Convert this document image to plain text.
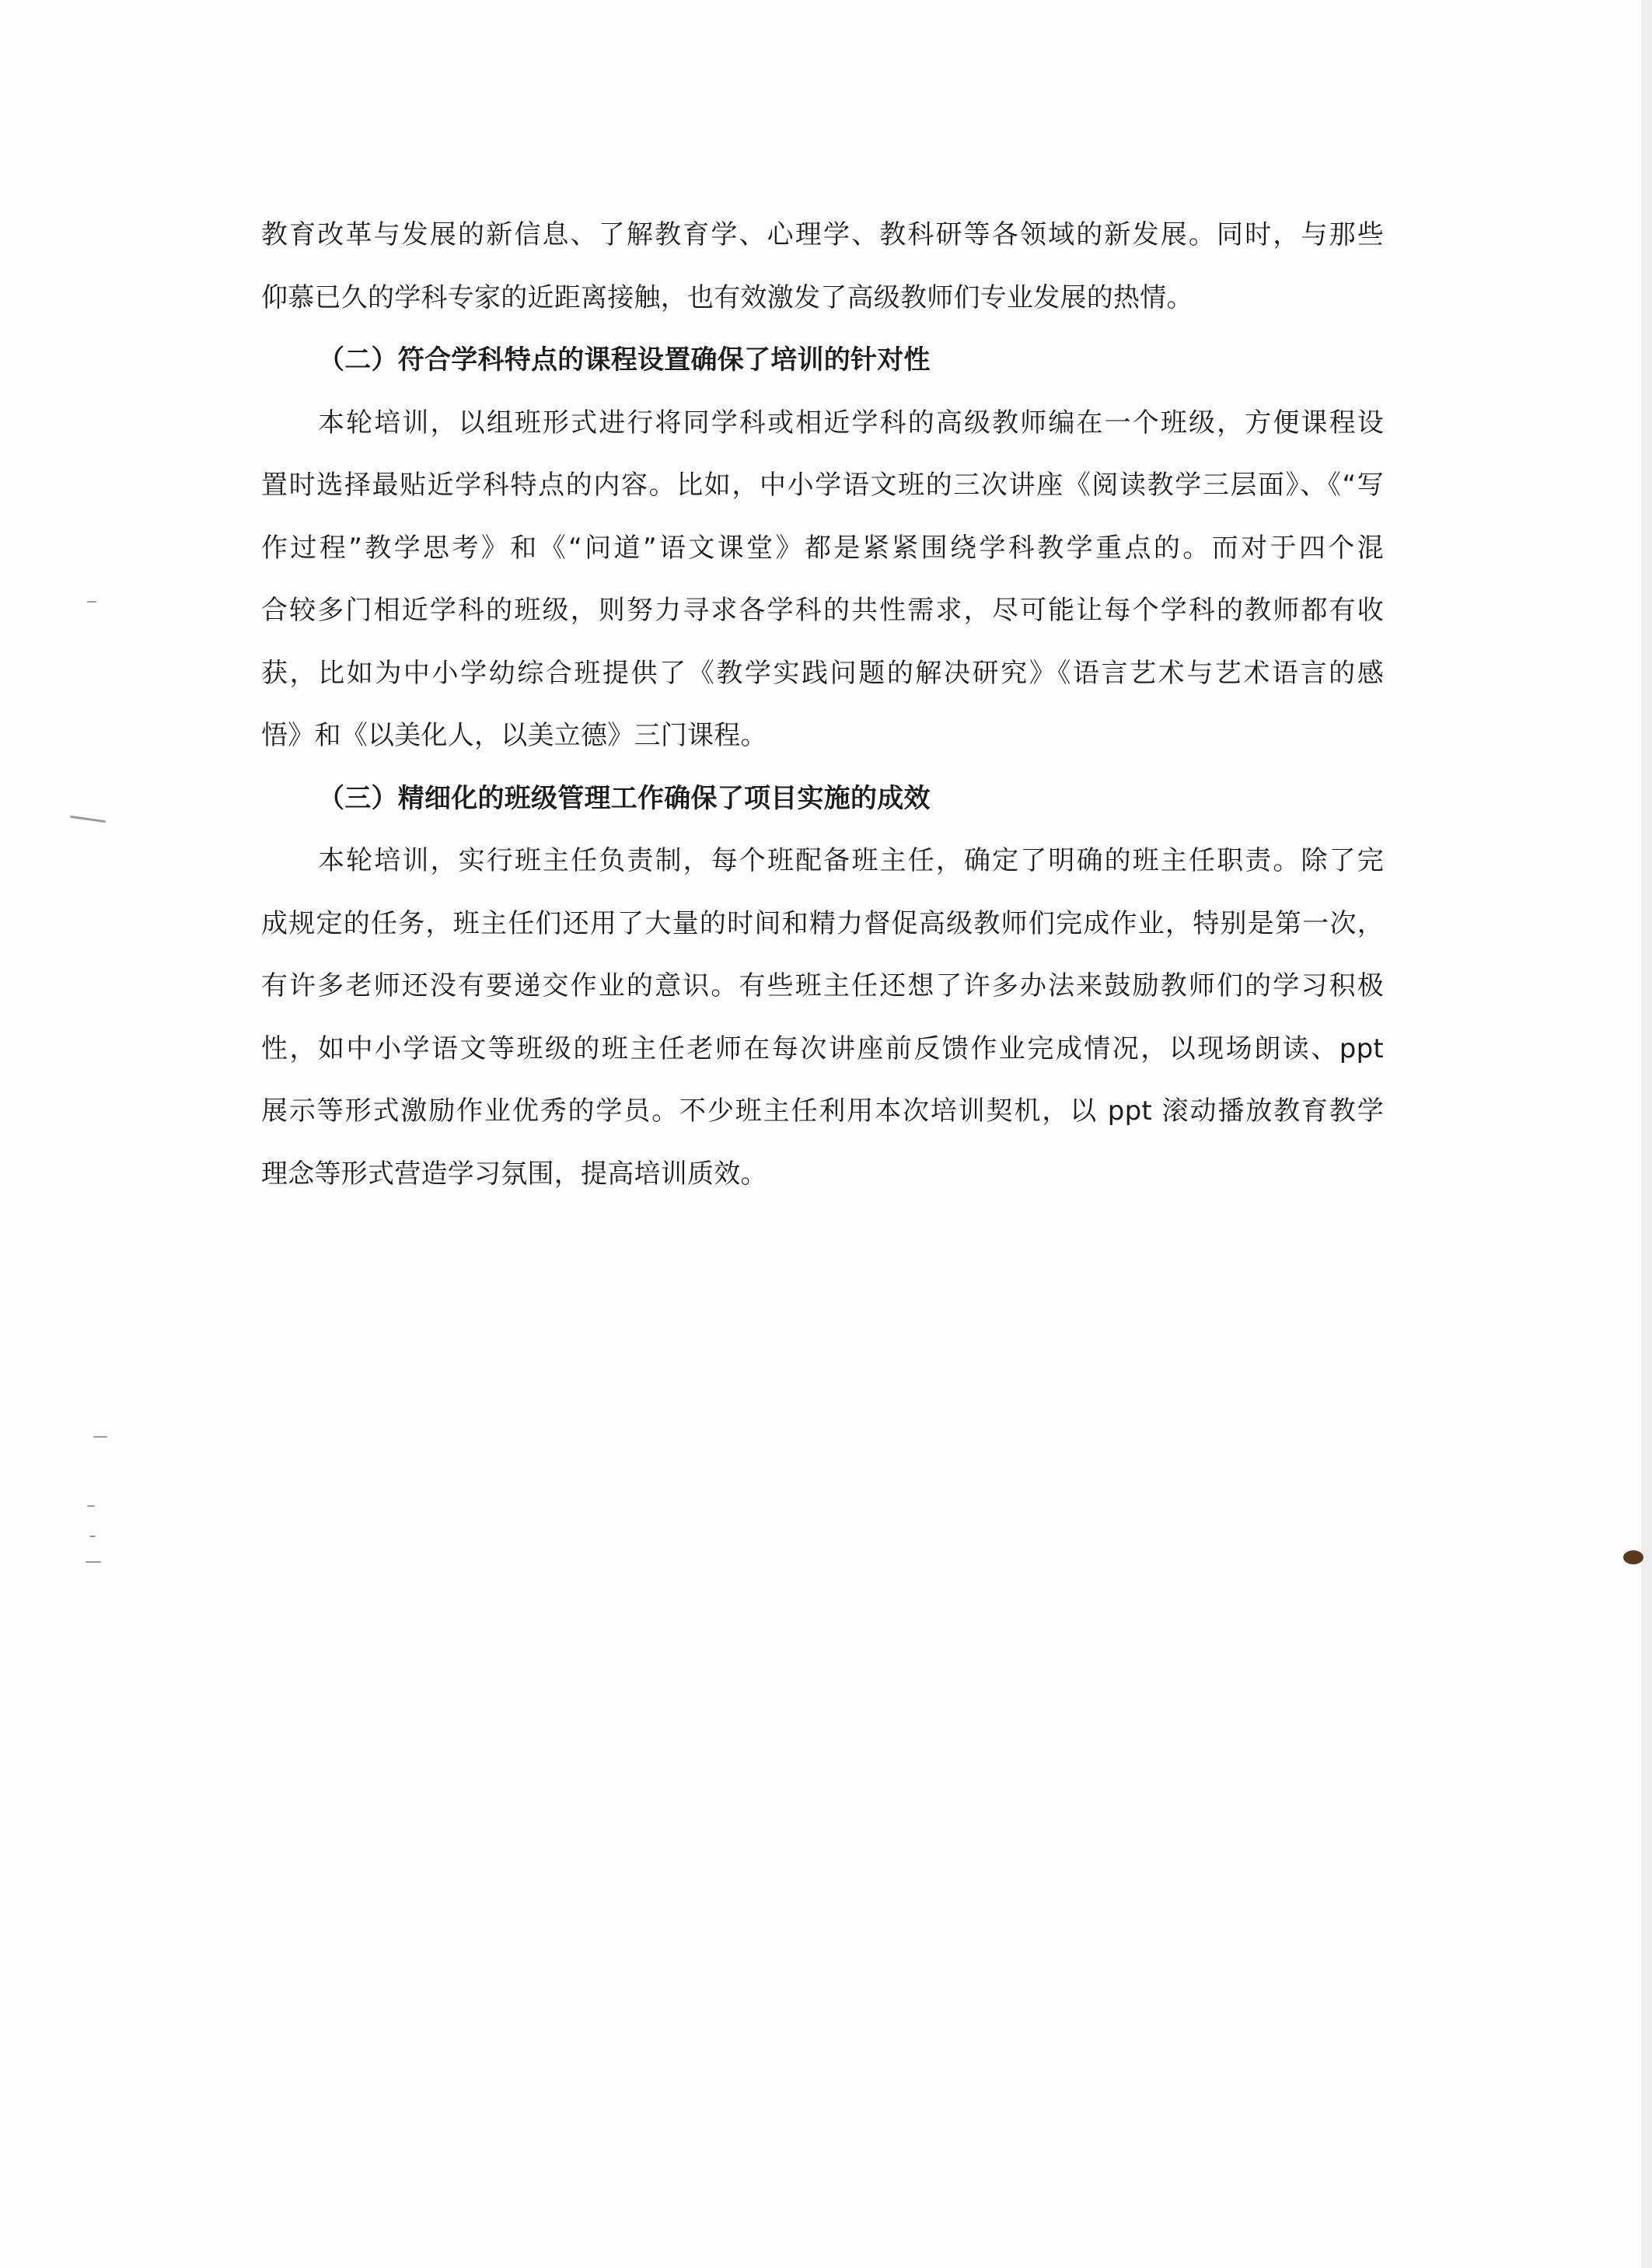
教育改革与发展的新信息、了解教育学、心理学、教科研等各领域的新发展。同时，与那些
仰慕已久的学科专家的近距离接触，也有效激发了高级教师们专业发展的热情。
（二）符合学科特点的课程设置确保了培训的针对性
本轮培训，以组班形式进行将同学科或相近学科的高级教师编在一个班级，方便课程设
置时选择最贴近学科特点的内容。比如，中小学语文班的三次讲座《阅读教学三层面》、《“写
作过程”教学思考》和《“问道”语文课堂》都是紧紧围绕学科教学重点的。而对于四个混
合较多门相近学科的班级，则努力寻求各学科的共性需求，尽可能让每个学科的教师都有收
获，比如为中小学幼综合班提供了《教学实践问题的解决研究》《语言艺术与艺术语言的感
悟》和《以美化人，以美立德》三门课程。
（三）精细化的班级管理工作确保了项目实施的成效
本轮培训，实行班主任负责制，每个班配备班主任，确定了明确的班主任职责。除了完
成规定的任务，班主任们还用了大量的时间和精力督促高级教师们完成作业，特别是第一次，
有许多老师还没有要递交作业的意识。有些班主任还想了许多办法来鼓励教师们的学习积极
性，如中小学语文等班级的班主任老师在每次讲座前反馈作业完成情况，以现场朗读、ppt
展示等形式激励作业优秀的学员。不少班主任利用本次培训契机，以 ppt 滚动播放教育教学
理念等形式营造学习氛围，提高培训质效。
